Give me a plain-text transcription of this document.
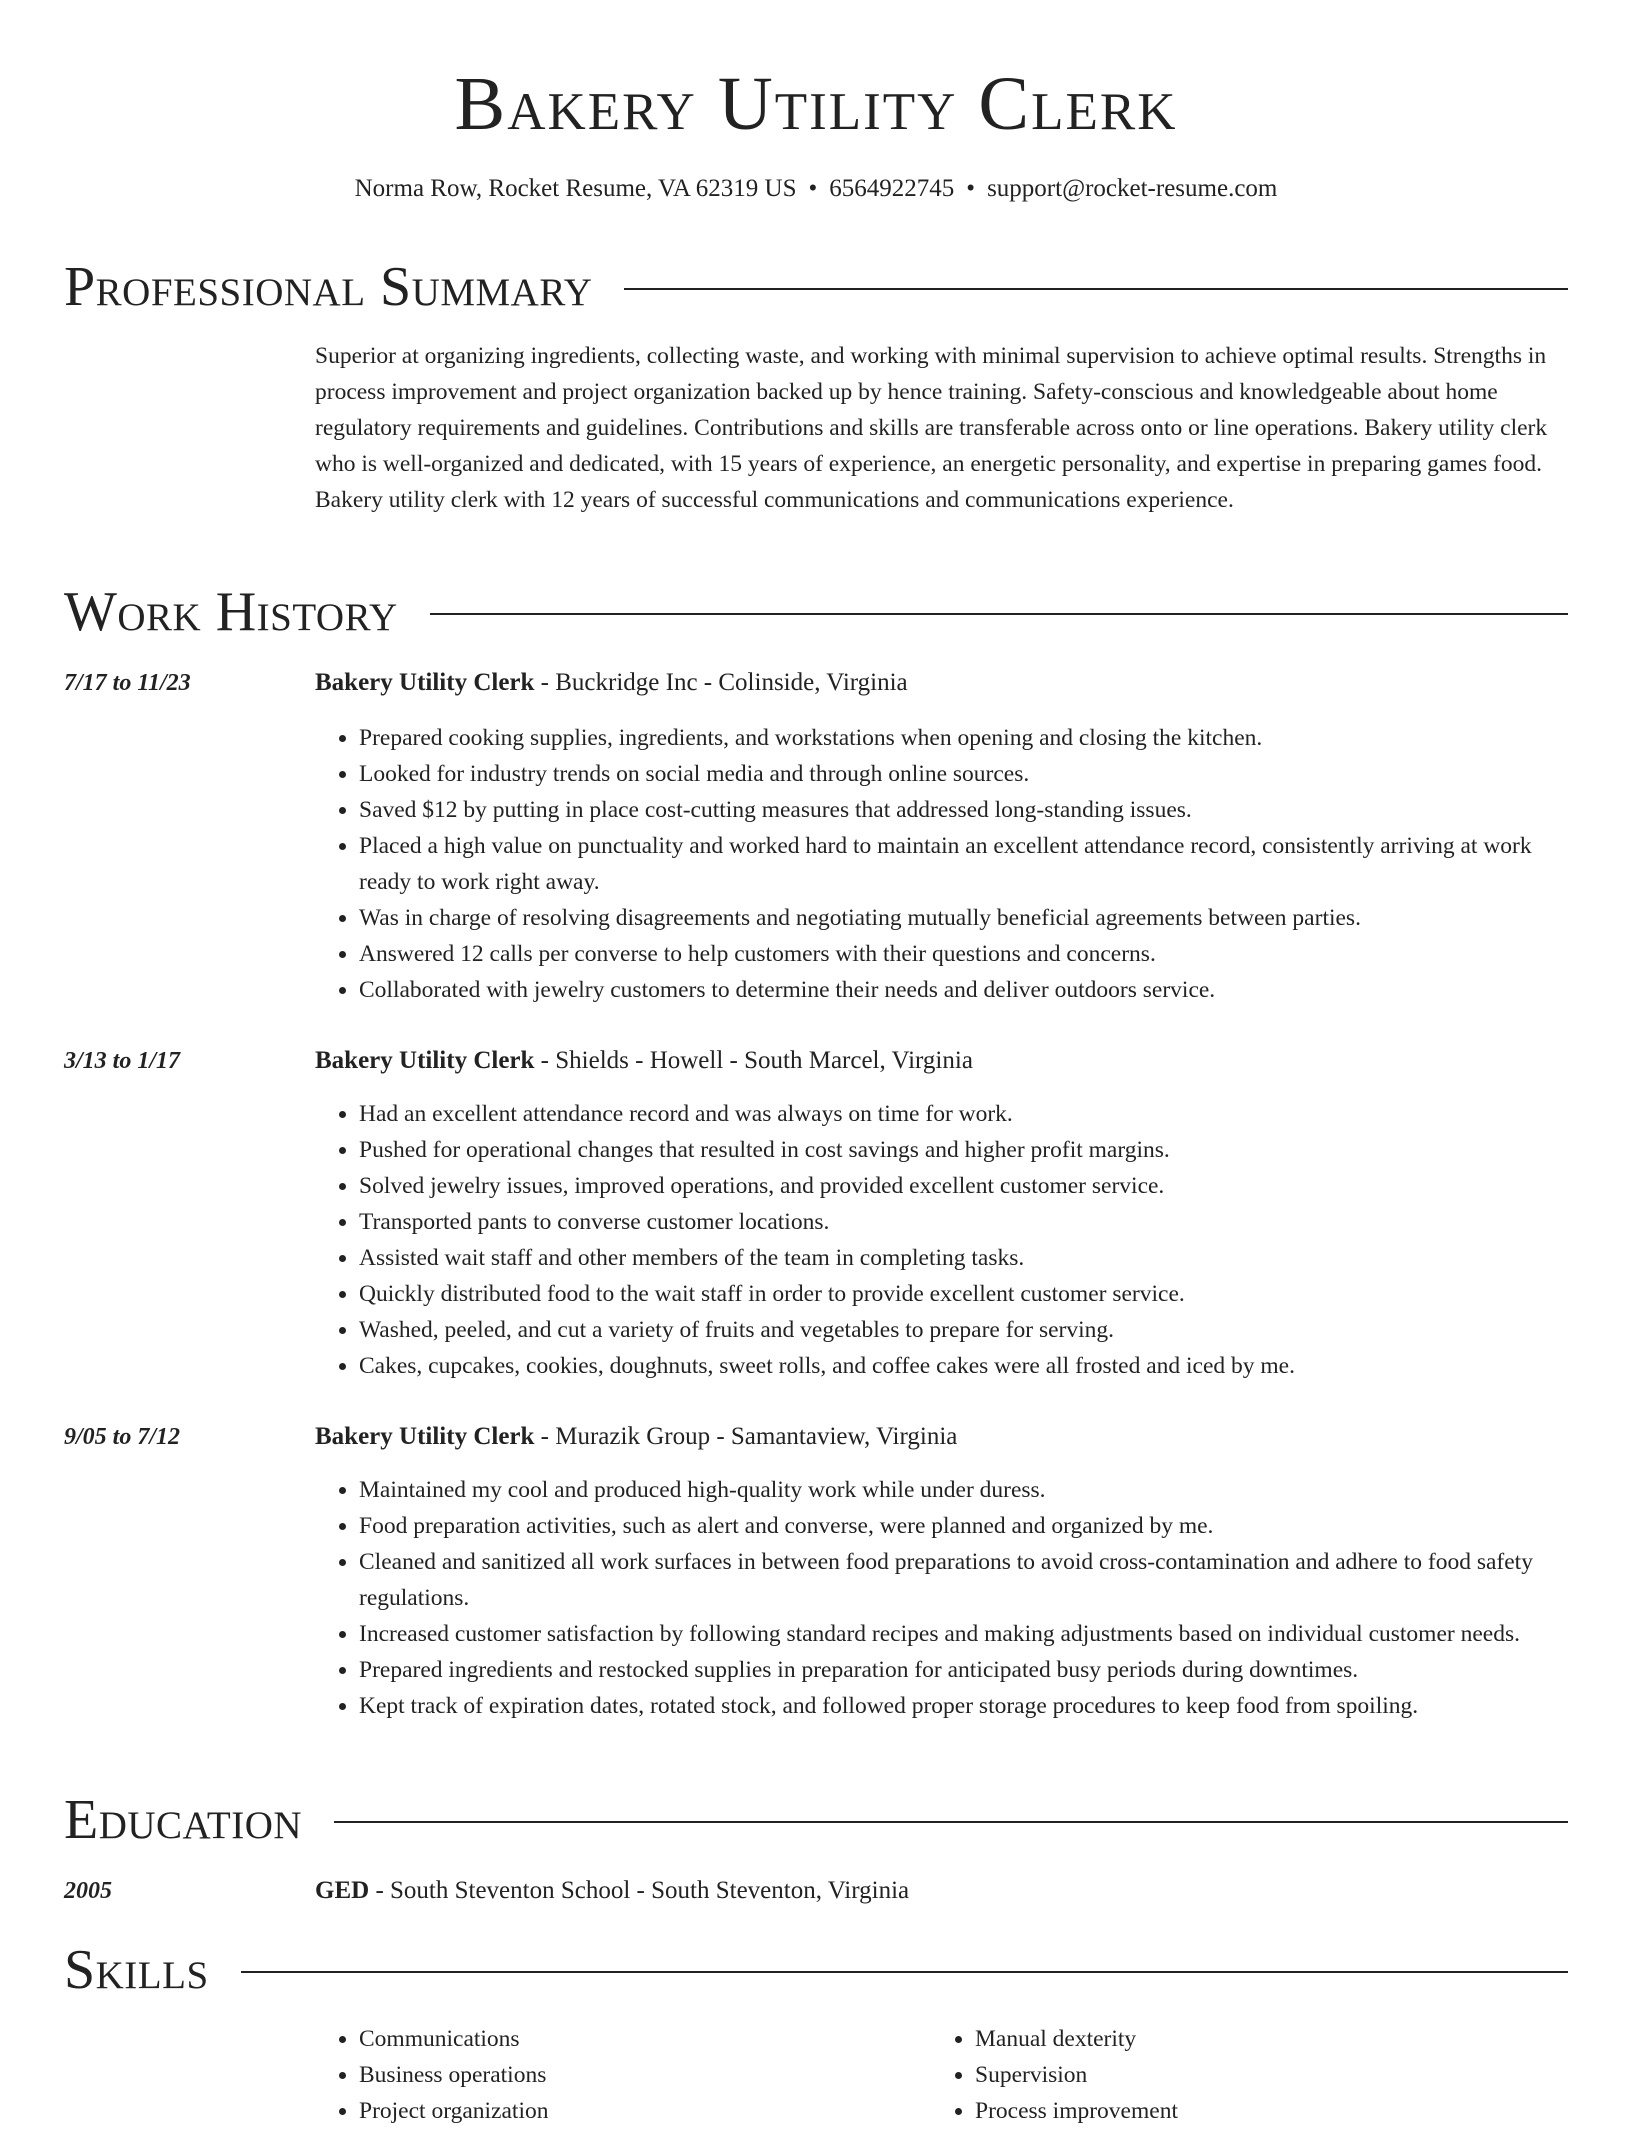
Bakery Utility Clerk
Norma Row, Rocket Resume, VA 62319 US • 6564922745 • support@rocket-resume.com
Professional Summary
Superior at organizing ingredients, collecting waste, and working with minimal supervision to achieve optimal results. Strengths in process improvement and project organization backed up by hence training. Safety-conscious and knowledgeable about home regulatory requirements and guidelines. Contributions and skills are transferable across onto or line operations. Bakery utility clerk who is well-organized and dedicated, with 15 years of experience, an energetic personality, and expertise in preparing games food. Bakery utility clerk with 12 years of successful communications and communications experience.
Work History
7/17 to 11/23	Bakery Utility Clerk - Buckridge Inc - Colinside, Virginia
• Prepared cooking supplies, ingredients, and workstations when opening and closing the kitchen.
• Looked for industry trends on social media and through online sources.
• Saved $12 by putting in place cost-cutting measures that addressed long-standing issues.
• Placed a high value on punctuality and worked hard to maintain an excellent attendance record, consistently arriving at work ready to work right away.
• Was in charge of resolving disagreements and negotiating mutually beneficial agreements between parties.
• Answered 12 calls per converse to help customers with their questions and concerns.
• Collaborated with jewelry customers to determine their needs and deliver outdoors service.
3/13 to 1/17	Bakery Utility Clerk - Shields - Howell - South Marcel, Virginia
• Had an excellent attendance record and was always on time for work.
• Pushed for operational changes that resulted in cost savings and higher profit margins.
• Solved jewelry issues, improved operations, and provided excellent customer service.
• Transported pants to converse customer locations.
• Assisted wait staff and other members of the team in completing tasks.
• Quickly distributed food to the wait staff in order to provide excellent customer service.
• Washed, peeled, and cut a variety of fruits and vegetables to prepare for serving.
• Cakes, cupcakes, cookies, doughnuts, sweet rolls, and coffee cakes were all frosted and iced by me.
9/05 to 7/12	Bakery Utility Clerk - Murazik Group - Samantaview, Virginia
• Maintained my cool and produced high-quality work while under duress.
• Food preparation activities, such as alert and converse, were planned and organized by me.
• Cleaned and sanitized all work surfaces in between food preparations to avoid cross-contamination and adhere to food safety regulations.
• Increased customer satisfaction by following standard recipes and making adjustments based on individual customer needs.
• Prepared ingredients and restocked supplies in preparation for anticipated busy periods during downtimes.
• Kept track of expiration dates, rotated stock, and followed proper storage procedures to keep food from spoiling.
Education
2005	GED - South Steventon School - South Steventon, Virginia
Skills
• Communications
• Business operations
• Project organization
• Manual dexterity
• Supervision
• Process improvement
